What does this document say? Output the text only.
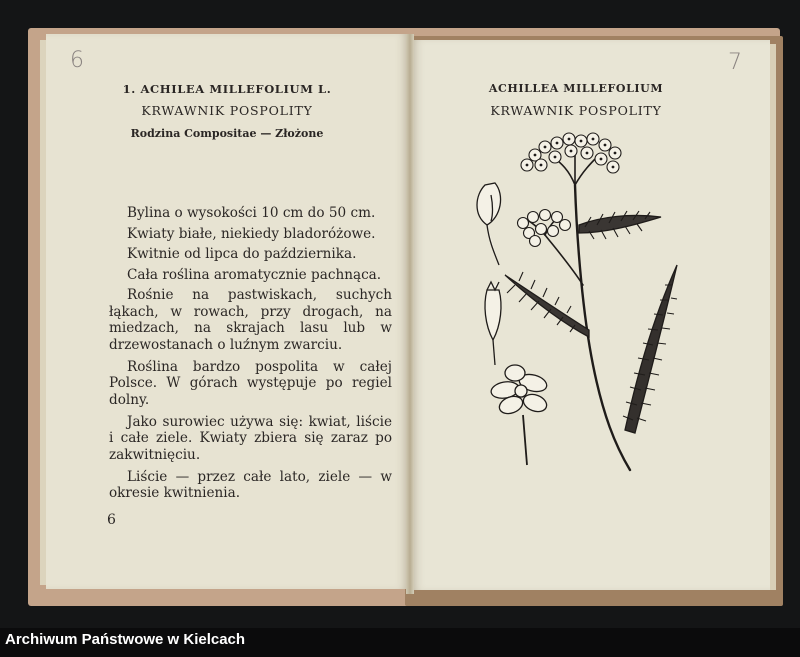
6	7
1. ACHILEA MILLEFOLIUM L.
KRWAWNIK POSPOLITY
Rodzina Compositae — Złożone

Bylina o wysokości 10 cm do 50 cm.

Kwiaty białe, niekiedy bladoróżowe.

Kwitnie od lipca do października.

Cała roślina aromatycznie pachnąca.

Rośnie na pastwiskach, suchych łąkach, w rowach, przy drogach, na miedzach, na skrajach lasu lub w drzewostanach o luźnym zwarciu.

Roślina bardzo pospolita w całej Polsce. W górach występuje po regiel dolny.

Jako surowiec używa się: kwiat, liście i całe ziele. Kwiaty zbiera się zaraz po zakwitnięciu.

Liście — przez całe lato, ziele — w okresie kwitnienia.

6
ACHILLEA MILLEFOLIUM
KRWAWNIK POSPOLITY
Archiwum Państwowe w Kielcach
